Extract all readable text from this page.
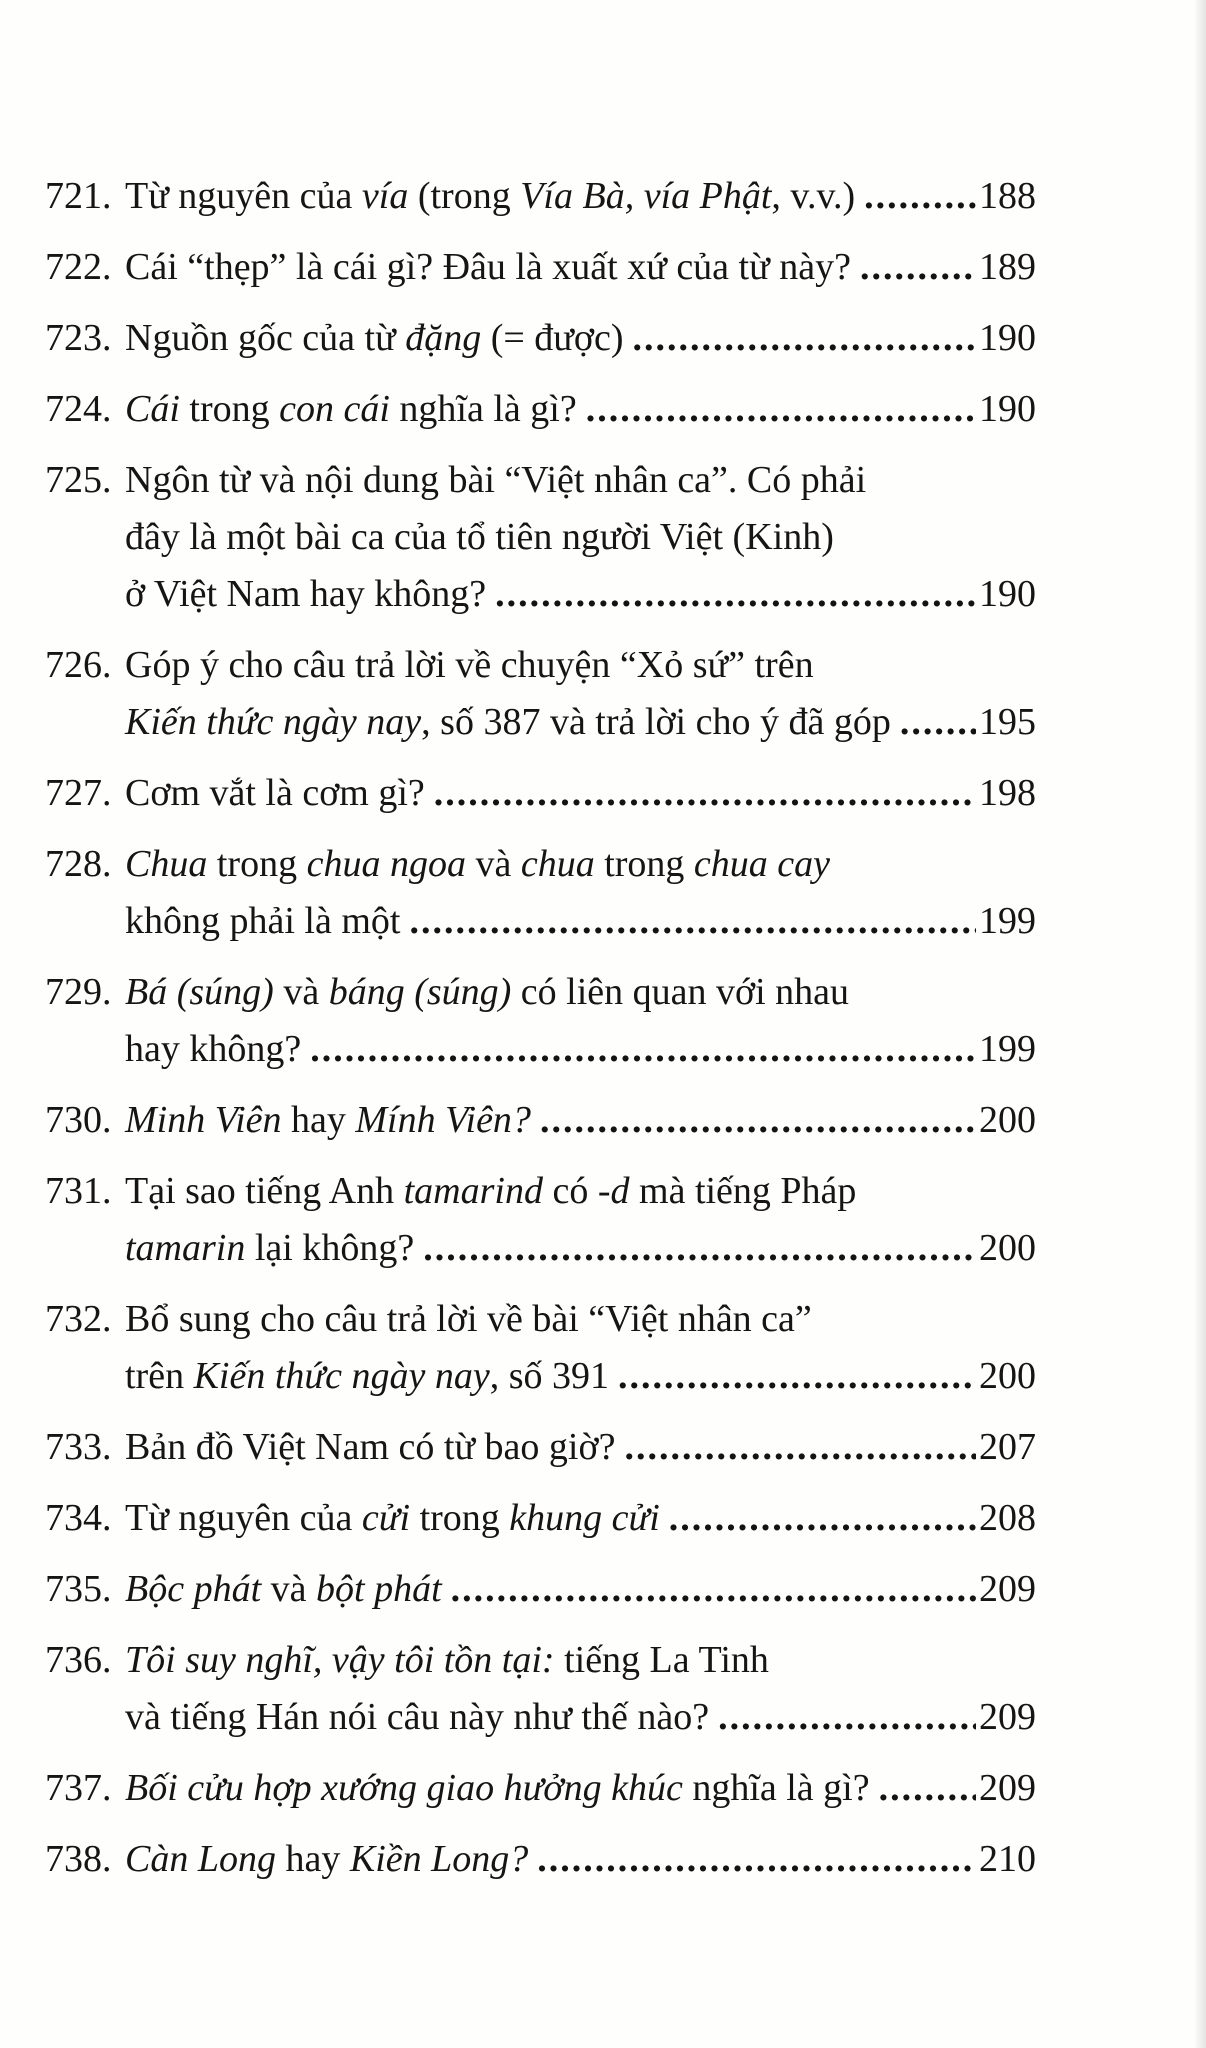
721. Từ nguyên của vía (trong Vía Bà, vía Phật, v.v.) .....	188
722. Cái “thẹp” là cái gì? Đâu là xuất xứ của từ này? .....	189
723. Nguồn gốc của từ đặng (= được) .....	190
724. Cái trong con cái nghĩa là gì? .....	190
725. Ngôn từ và nội dung bài “Việt nhân ca”. Có phải
đây là một bài ca của tổ tiên người Việt (Kinh)
ở Việt Nam hay không? .....	190
726. Góp ý cho câu trả lời về chuyện “Xỏ sứ” trên
Kiến thức ngày nay, số 387 và trả lời cho ý đã góp ..... 195
727. Cơm vắt là cơm gì? .....	198
728. Chua trong chua ngoa và chua trong chua cay
không phải là một .....	199
729. Bá (súng) và báng (súng) có liên quan với nhau
hay không? .....	199
730. Minh Viên hay Mính Viên? .....	200
731. Tại sao tiếng Anh tamarind có -d mà tiếng Pháp
tamarin lại không? .....	200
732. Bổ sung cho câu trả lời về bài “Việt nhân ca”
trên Kiến thức ngày nay, số 391 .....	200
733. Bản đồ Việt Nam có từ bao giờ? .....	207
734. Từ nguyên của cửi trong khung cửi .....	208
735. Bộc phát và bột phát .....	209
736. Tôi suy nghĩ, vậy tôi tồn tại: tiếng La Tinh
và tiếng Hán nói câu này như thế nào? .....	209
737. Bối cửu hợp xướng giao hưởng khúc nghĩa là gì? .....	209
738. Càn Long hay Kiền Long? .....	210
